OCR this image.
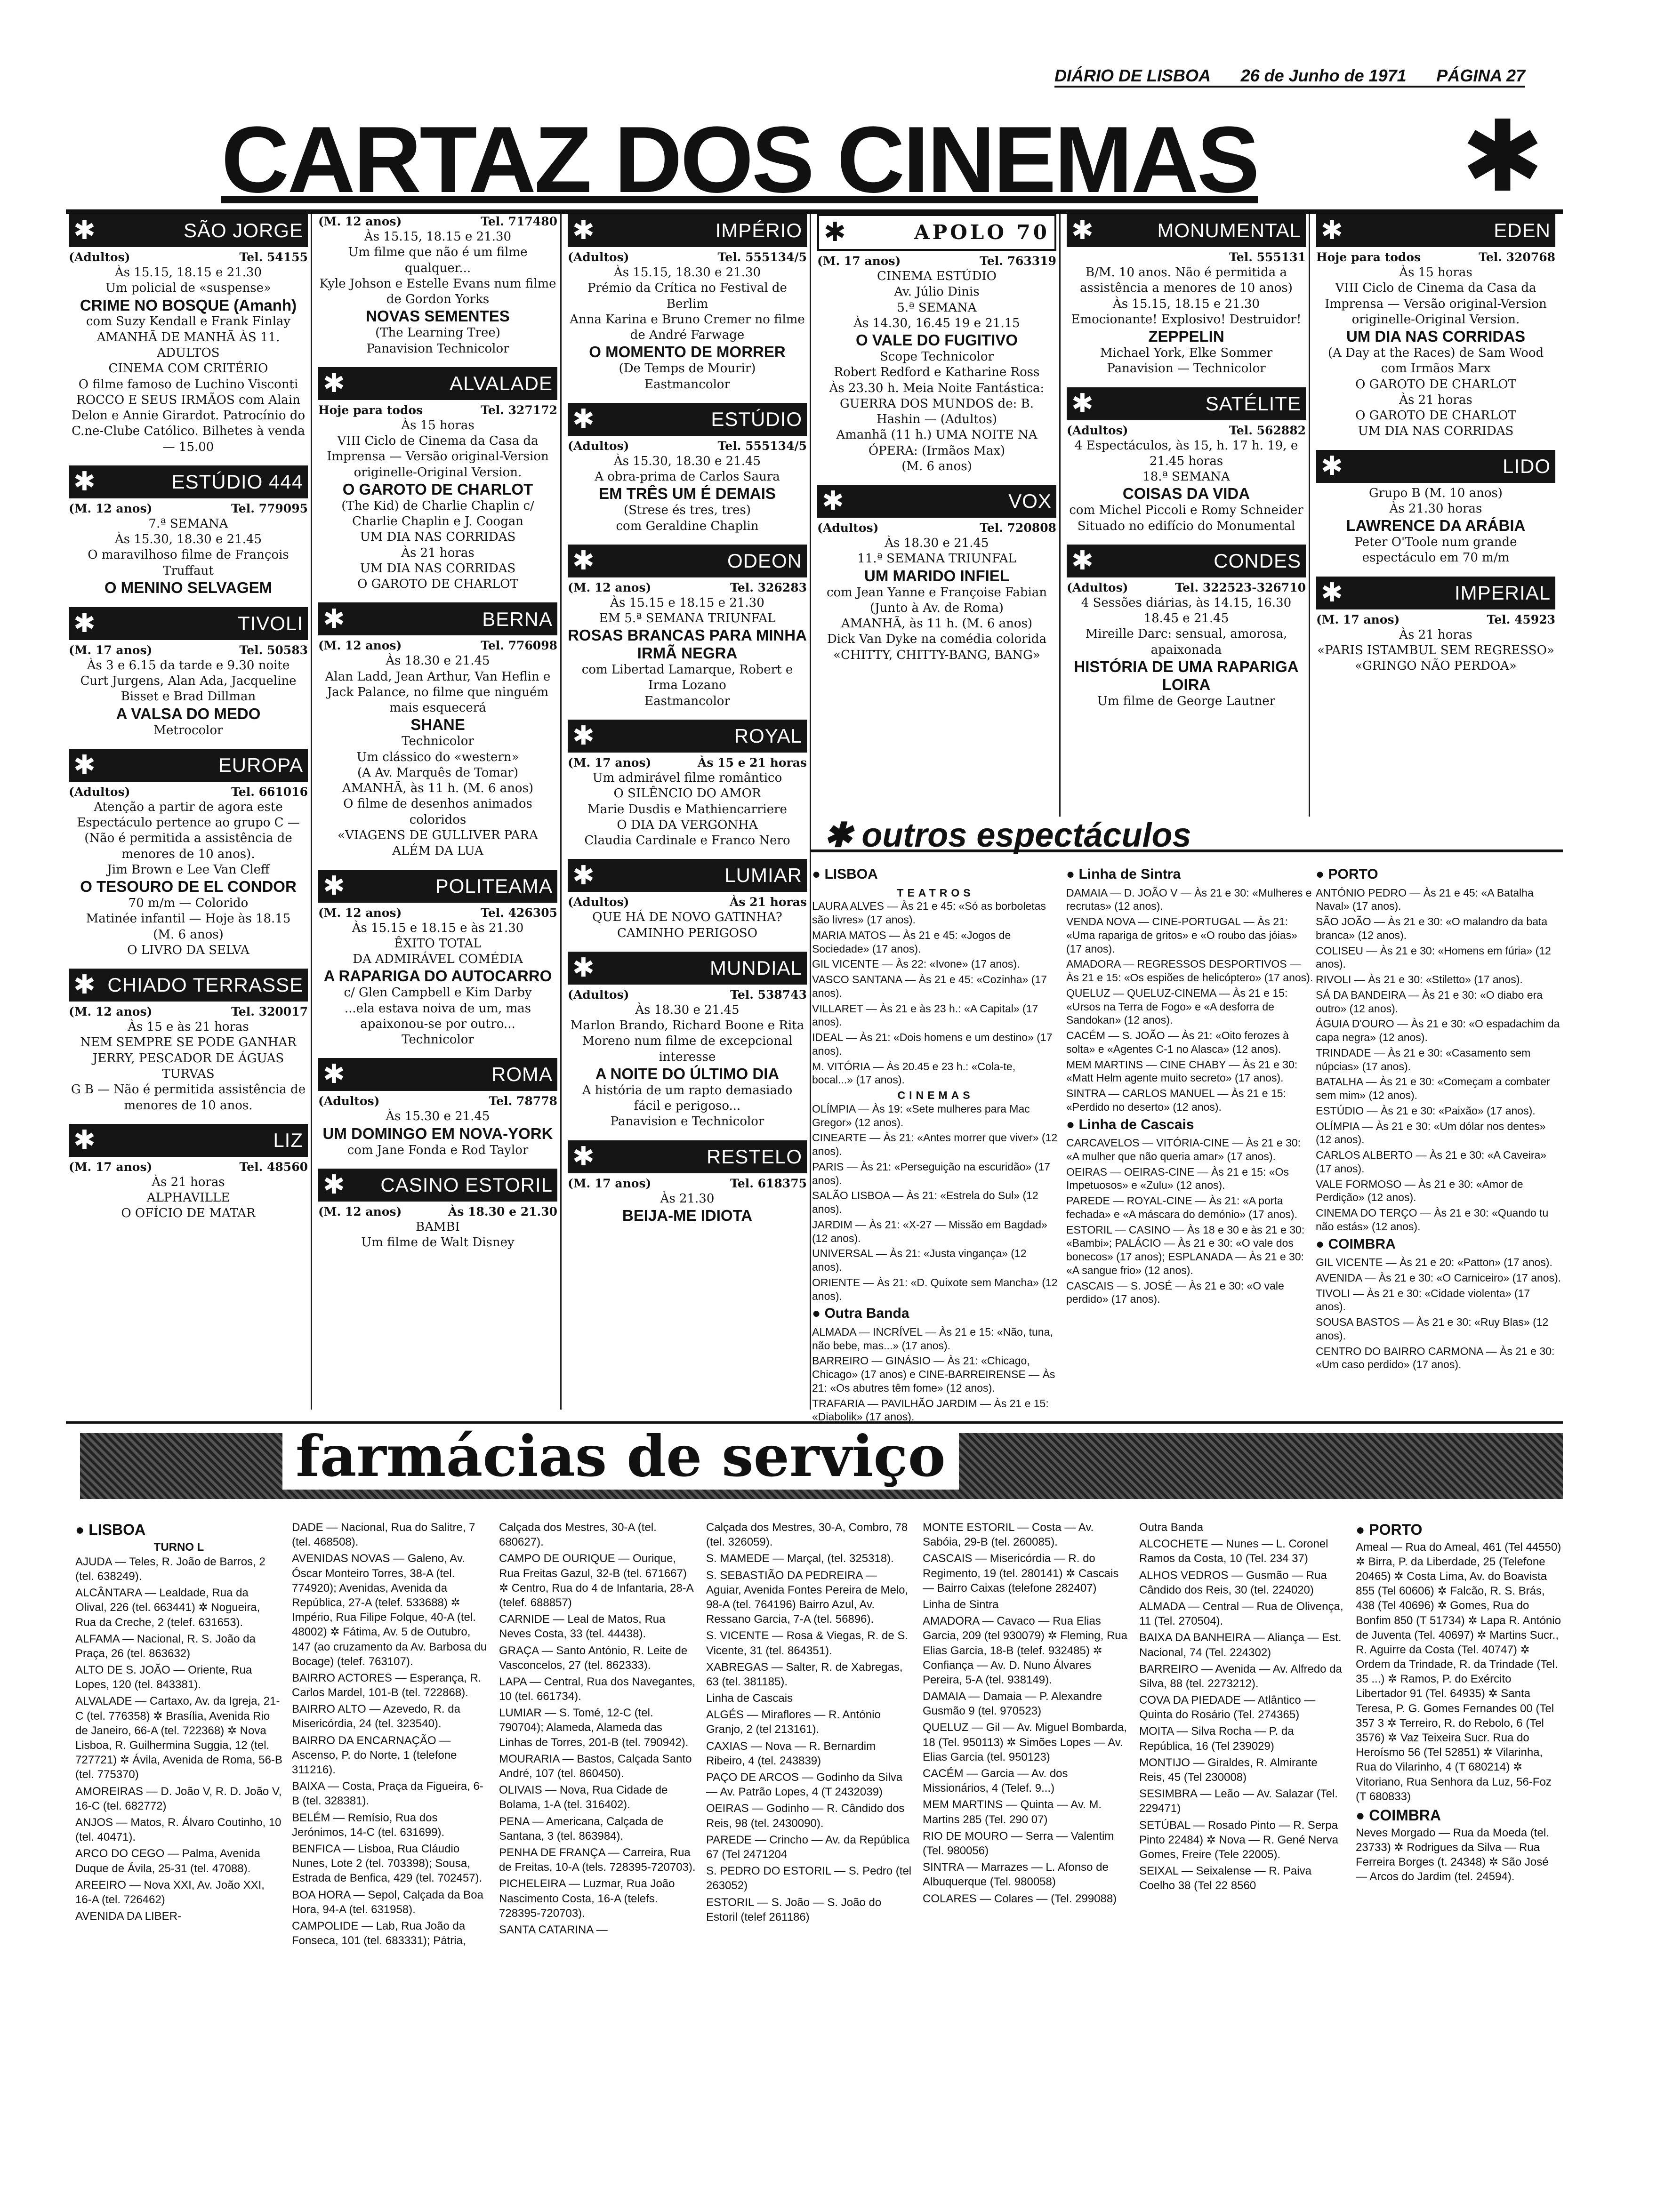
DIÁRIO DE LISBOA 26 de Junho de 1971 PÁGINA 27
CARTAZ DOS CINEMAS ✱
✱	SÃO JORGE
(Adultos)	Tel. 54155
Às 15.15, 18.15 e 21.30
Um policial de «suspense»
CRIME NO BOSQUE (Amanh)
com Suzy Kendall e Frank Finlay
AMANHÃ DE MANHÃ ÀS 11. ADULTOS
CINEMA COM CRITÉRIO
O filme famoso de Luchino Visconti
ROCCO E SEUS IRMÃOS com Alain Delon e Annie Girardot. Patrocínio do C.ne-Clube Católico. Bilhetes à venda — 15.00
✱	ESTÚDIO 444
(M. 12 anos)	Tel. 779095
7.ª SEMANA
Às 15.30, 18.30 e 21.45
O maravilhoso filme de François Truffaut
O MENINO SELVAGEM
✱	TIVOLI
(M. 17 anos)	Tel. 50583
Às 3 e 6.15 da tarde e 9.30 noite
Curt Jurgens, Alan Ada, Jacqueline Bisset e Brad Dillman
A VALSA DO MEDO
Metrocolor
✱	EUROPA
(Adultos)	Tel. 661016
Atenção a partir de agora este Espectáculo pertence ao grupo C — (Não é permitida a assistência de menores de 10 anos).
Jim Brown e Lee Van Cleff
O TESOURO DE EL CONDOR
70 m/m — Colorido
Matinée infantil — Hoje às 18.15
(M. 6 anos)
O LIVRO DA SELVA
✱ CHIADO TERRASSE
(M. 12 anos)	Tel. 320017
Às 15 e às 21 horas
NEM SEMPRE SE PODE GANHAR
JERRY, PESCADOR DE ÁGUAS TURVAS
G B — Não é permitida assistência de menores de 10 anos.
✱	LIZ
(M. 17 anos)	Tel. 48560
Às 21 horas
ALPHAVILLE
O OFÍCIO DE MATAR
(M. 12 anos)	Tel. 717480
Às 15.15, 18.15 e 21.30
Um filme que não é um filme qualquer...
Kyle Johson e Estelle Evans num filme de Gordon Yorks
NOVAS SEMENTES
(The Learning Tree)
Panavision Technicolor
✱	ALVALADE
Hoje para todos	Tel. 327172
Às 15 horas
VIII Ciclo de Cinema da Casa da Imprensa — Versão original-Version originelle-Original Version.
O GAROTO DE CHARLOT
(The Kid) de Charlie Chaplin c/ Charlie Chaplin e J. Coogan
UM DIA NAS CORRIDAS
Às 21 horas
UM DIA NAS CORRIDAS
O GAROTO DE CHARLOT
✱	BERNA
(M. 12 anos)	Tel. 776098
Às 18.30 e 21.45
Alan Ladd, Jean Arthur, Van Heflin e Jack Palance, no filme que ninguém mais esquecerá
SHANE
Technicolor
Um clássico do «western»
(A Av. Marquês de Tomar)
AMANHÃ, às 11 h. (M. 6 anos)
O filme de desenhos animados coloridos
«VIAGENS DE GULLIVER PARA ALÉM DA LUA
✱	POLITEAMA
(M. 12 anos)	Tel. 426305
Às 15.15 e 18.15 e às 21.30
ÊXITO TOTAL
DA ADMIRÁVEL COMÉDIA
A RAPARIGA DO AUTOCARRO
c/ Glen Campbell e Kim Darby
...ela estava noiva de um, mas apaixonou-se por outro...
Technicolor
✱	ROMA
(Adultos)	Tel. 78778
Às 15.30 e 21.45
UM DOMINGO EM NOVA-YORK
com Jane Fonda e Rod Taylor
✱	CASINO ESTORIL
(M. 12 anos)	Às 18.30 e 21.30
BAMBI
Um filme de Walt Disney
✱	IMPÉRIO
(Adultos)	Tel. 555134/5
Às 15.15, 18.30 e 21.30
Prémio da Crítica no Festival de Berlim
Anna Karina e Bruno Cremer no filme de André Farwage
O MOMENTO DE MORRER
(De Temps de Mourir)
Eastmancolor
✱	ESTÚDIO
(Adultos)	Tel. 555134/5
Às 15.30, 18.30 e 21.45
A obra-prima de Carlos Saura
EM TRÊS UM É DEMAIS
(Strese és tres, tres)
com Geraldine Chaplin
✱	ODEON
(M. 12 anos)	Tel. 326283
Às 15.15 e 18.15 e 21.30
EM 5.ª SEMANA TRIUNFAL
ROSAS BRANCAS PARA MINHA IRMÃ NEGRA
com Libertad Lamarque, Robert e Irma Lozano
Eastmancolor
✱	ROYAL
(M. 17 anos)	Às 15 e 21 horas
Um admirável filme romântico
O SILÊNCIO DO AMOR
Marie Dusdis e Mathiencarriere
O DIA DA VERGONHA
Claudia Cardinale e Franco Nero
✱	LUMIAR
(Adultos)	Às 21 horas
QUE HÁ DE NOVO GATINHA?
CAMINHO PERIGOSO
✱	MUNDIAL
(Adultos)	Tel. 538743
Às 18.30 e 21.45
Marlon Brando, Richard Boone e Rita Moreno num filme de excepcional interesse
A NOITE DO ÚLTIMO DIA
A história de um rapto demasiado fácil e perigoso...
Panavision e Technicolor
✱	RESTELO
(M. 17 anos)	Tel. 618375
Às 21.30
BEIJA-ME IDIOTA
✱	APOLO 70
(M. 17 anos)	Tel. 763319
CINEMA ESTÚDIO
Av. Júlio Dinis
5.ª SEMANA
Às 14.30, 16.45 19 e 21.15
O VALE DO FUGITIVO
Scope Technicolor
Robert Redford e Katharine Ross
Às 23.30 h. Meia Noite Fantástica: GUERRA DOS MUNDOS de: B. Hashin — (Adultos)
Amanhã (11 h.) UMA NOITE NA ÓPERA: (Irmãos Max)
(M. 6 anos)
✱	VOX
(Adultos)	Tel. 720808
Às 18.30 e 21.45
11.ª SEMANA TRIUNFAL
UM MARIDO INFIEL
com Jean Yanne e Françoise Fabian
(Junto à Av. de Roma)
AMANHÃ, às 11 h. (M. 6 anos)
Dick Van Dyke na comédia colorida
«CHITTY, CHITTY-BANG, BANG»
✱	MONUMENTAL
Tel. 555131
B/M. 10 anos. Não é permitida a assistência a menores de 10 anos)
Às 15.15, 18.15 e 21.30
Emocionante! Explosivo! Destruidor!
ZEPPELIN
Michael York, Elke Sommer
Panavision — Technicolor
✱	SATÉLITE
(Adultos)	Tel. 562882
4 Espectáculos, às 15, h. 17 h. 19, e 21.45 horas
18.ª SEMANA
COISAS DA VIDA
com Michel Piccoli e Romy Schneider
Situado no edifício do Monumental
✱	CONDES
(Adultos)	Tel. 322523-326710
4 Sessões diárias, às 14.15, 16.30 18.45 e 21.45
Mireille Darc: sensual, amorosa, apaixonada
HISTÓRIA DE UMA RAPARIGA LOIRA
Um filme de George Lautner
✱	EDEN
Hoje para todos	Tel. 320768
Às 15 horas
VIII Ciclo de Cinema da Casa da Imprensa — Versão original-Version originelle-Original Version.
UM DIA NAS CORRIDAS
(A Day at the Races) de Sam Wood com Irmãos Marx
O GAROTO DE CHARLOT
Às 21 horas
O GAROTO DE CHARLOT
UM DIA NAS CORRIDAS
✱	LIDO
Grupo B (M. 10 anos)
Às 21.30 horas
LAWRENCE DA ARÁBIA
Peter O'Toole num grande espectáculo em 70 m/m
✱	IMPERIAL
(M. 17 anos)	Tel. 45923
Às 21 horas
«PARIS ISTAMBUL SEM REGRESSO»
«GRINGO NÃO PERDOA»
✱ outros espectáculos
● LISBOA
TEATROS

LAURA ALVES — Às 21 e 45: «Só as borboletas são livres» (17 anos).

MARIA MATOS — Às 21 e 45: «Jogos de Sociedade» (17 anos).

GIL VICENTE — Às 22: «Ivone» (17 anos).

VASCO SANTANA — Às 21 e 45: «Cozinha» (17 anos).

VILLARET — Às 21 e às 23 h.: «A Capital» (17 anos).

IDEAL — Às 21: «Dois homens e um destino» (17 anos).

M. VITÓRIA — Às 20.45 e 23 h.: «Cola-te, bocal...» (17 anos).

CINEMAS

OLÍMPIA — Às 19: «Sete mulheres para Mac Gregor» (12 anos).

CINEARTE — Às 21: «Antes morrer que viver» (12 anos).

PARIS — Às 21: «Perseguição na escuridão» (17 anos).

SALÃO LISBOA — Às 21: «Estrela do Sul» (12 anos).

JARDIM — Às 21: «X-27 — Missão em Bagdad» (12 anos).

UNIVERSAL — Às 21: «Justa vingança» (12 anos).

ORIENTE — Às 21: «D. Quixote sem Mancha» (12 anos).

● Outra Banda

ALMADA — INCRÍVEL — Às 21 e 15: «Não, tuna, não bebe, mas...» (17 anos).

BARREIRO — GINÁSIO — Às 21: «Chicago, Chicago» (17 anos) e CINE-BARREIRENSE — Às 21: «Os abutres têm fome» (12 anos).

TRAFARIA — PAVILHÃO JARDIM — Às 21 e 15: «Diabolik» (17 anos).

● Linha de Sintra

DAMAIA — D. JOÃO V — Às 21 e 30: «Mulheres e recrutas» (12 anos).

VENDA NOVA — CINE-PORTUGAL — Às 21: «Uma rapariga de gritos» e «O roubo das jóias» (17 anos).

AMADORA — REGRESSOS DESPORTIVOS — Às 21 e 15: «Os espiões de helicóptero» (17 anos).

QUELUZ — QUELUZ-CINEMA — Às 21 e 15: «Ursos na Terra de Fogo» e «A desforra de Sandokan» (12 anos).

CACÉM — S. JOÃO — Às 21: «Oito ferozes à solta» e «Agentes C-1 no Alasca» (12 anos).

MEM MARTINS — CINE CHABY — Às 21 e 30: «Matt Helm agente muito secreto» (17 anos).

SINTRA — CARLOS MANUEL — Às 21 e 15: «Perdido no deserto» (12 anos).

● Linha de Cascais

CARCAVELOS — VITÓRIA-CINE — Às 21 e 30: «A mulher que não queria amar» (17 anos).

OEIRAS — OEIRAS-CINE — Às 21 e 15: «Os Impetuosos» e «Zulu» (12 anos).

PAREDE — ROYAL-CINE — Às 21: «A porta fechada» e «A máscara do demónio» (17 anos).

ESTORIL — CASINO — Às 18 e 30 e às 21 e 30: «Bambi»; PALÁCIO — Às 21 e 30: «O vale dos bonecos» (17 anos); ESPLANADA — Às 21 e 30: «A sangue frio» (12 anos).

CASCAIS — S. JOSÉ — Às 21 e 30: «O vale perdido» (17 anos).

● PORTO

ANTÓNIO PEDRO — Às 21 e 45: «A Batalha Naval» (17 anos).

SÃO JOÃO — Às 21 e 30: «O malandro da bata branca» (12 anos).

COLISEU — Às 21 e 30: «Homens em fúria» (12 anos).

RIVOLI — Às 21 e 30: «Stiletto» (17 anos).

SÁ DA BANDEIRA — Às 21 e 30: «O diabo era outro» (12 anos).

ÁGUIA D'OURO — Às 21 e 30: «O espadachim da capa negra» (12 anos).

TRINDADE — Às 21 e 30: «Casamento sem núpcias» (17 anos).

BATALHA — Às 21 e 30: «Começam a combater sem mim» (12 anos).

ESTÚDIO — Às 21 e 30: «Paixão» (17 anos).

OLÍMPIA — Às 21 e 30: «Um dólar nos dentes» (12 anos).

CARLOS ALBERTO — Às 21 e 30: «A Caveira» (17 anos).

VALE FORMOSO — Às 21 e 30: «Amor de Perdição» (12 anos).

CINEMA DO TERÇO — Às 21 e 30: «Quando tu não estás» (12 anos).

● COIMBRA

GIL VICENTE — Às 21 e 20: «Patton» (17 anos).

AVENIDA — Às 21 e 30: «O Carniceiro» (17 anos).

TIVOLI — Às 21 e 30: «Cidade violenta» (17 anos).

SOUSA BASTOS — Às 21 e 30: «Ruy Blas» (12 anos).

CENTRO DO BAIRRO CARMONA — Às 21 e 30: «Um caso perdido» (17 anos).

farmácias de serviço
● LISBOA
TURNO L

AJUDA — Teles, R. João de Barros, 2 (tel. 638249).

ALCÂNTARA — Lealdade, Rua da Olival, 226 (tel. 663441) ✲ Nogueira, Rua da Creche, 2 (telef. 631653).

ALFAMA — Nacional, R. S. João da Praça, 26 (tel. 863632)

ALTO DE S. JOÃO — Oriente, Rua Lopes, 120 (tel. 843381).

ALVALADE — Cartaxo, Av. da Igreja, 21-C (tel. 776358) ✲ Brasília, Avenida Rio de Janeiro, 66-A (tel. 722368) ✲ Nova Lisboa, R. Guilhermina Suggia, 12 (tel. 727721) ✲ Ávila, Avenida de Roma, 56-B (tel. 775370)

AMOREIRAS — D. João V, R. D. João V, 16-C (tel. 682772)

ANJOS — Matos, R. Álvaro Coutinho, 10 (tel. 40471).

ARCO DO CEGO — Palma, Avenida Duque de Ávila, 25-31 (tel. 47088).

AREEIRO — Nova XXI, Av. João XXI, 16-A (tel. 726462)

AVENIDA DA LIBER-

DADE — Nacional, Rua do Salitre, 7 (tel. 468508).

AVENIDAS NOVAS — Galeno, Av. Óscar Monteiro Torres, 38-A (tel. 774920); Avenidas, Avenida da República, 27-A (telef. 533688) ✲ Império, Rua Filipe Folque, 40-A (tel. 48002) ✲ Fátima, Av. 5 de Outubro, 147 (ao cruzamento da Av. Barbosa du Bocage) (telef. 763107).

BAIRRO ACTORES — Esperança, R. Carlos Mardel, 101-B (tel. 722868).

BAIRRO ALTO — Azevedo, R. da Misericórdia, 24 (tel. 323540).

BAIRRO DA ENCARNAÇÃO — Ascenso, P. do Norte, 1 (telefone 311216).

BAIXA — Costa, Praça da Figueira, 6-B (tel. 328381).

BELÉM — Remísio, Rua dos Jerónimos, 14-C (tel. 631699).

BENFICA — Lisboa, Rua Cláudio Nunes, Lote 2 (tel. 703398); Sousa, Estrada de Benfica, 429 (tel. 702457).

BOA HORA — Sepol, Calçada da Boa Hora, 94-A (tel. 631958).

CAMPOLIDE — Lab, Rua João da Fonseca, 101 (tel. 683331); Pátria,

Calçada dos Mestres, 30-A (tel. 680627).

CAMPO DE OURIQUE — Ourique, Rua Freitas Gazul, 32-B (tel. 671667) ✲ Centro, Rua do 4 de Infantaria, 28-A (telef. 688857)

CARNIDE — Leal de Matos, Rua Neves Costa, 33 (tel. 44438).

GRAÇA — Santo António, R. Leite de Vasconcelos, 27 (tel. 862333).

LAPA — Central, Rua dos Navegantes, 10 (tel. 661734).

LUMIAR — S. Tomé, 12-C (tel. 790704); Alameda, Alameda das Linhas de Torres, 201-B (tel. 790942).

MOURARIA — Bastos, Calçada Santo André, 107 (tel. 860450).

OLIVAIS — Nova, Rua Cidade de Bolama, 1-A (tel. 316402).

PENA — Americana, Calçada de Santana, 3 (tel. 863984).

PENHA DE FRANÇA — Carreira, Rua de Freitas, 10-A (tels. 728395-720703).

PICHELEIRA — Luzmar, Rua João Nascimento Costa, 16-A (telefs. 728395-720703).

SANTA CATARINA —

Calçada dos Mestres, 30-A, Combro, 78 (tel. 326059).

S. MAMEDE — Marçal, (tel. 325318).

S. SEBASTIÃO DA PEDREIRA — Aguiar, Avenida Fontes Pereira de Melo, 98-A (tel. 764196) Bairro Azul, Av. Ressano Garcia, 7-A (tel. 56896).

S. VICENTE — Rosa & Viegas, R. de S. Vicente, 31 (tel. 864351).

XABREGAS — Salter, R. de Xabregas, 63 (tel. 381185).

Linha de Cascais

ALGÉS — Miraflores — R. António Granjo, 2 (tel 213161).

CAXIAS — Nova — R. Bernardim Ribeiro, 4 (tel. 243839)

PAÇO DE ARCOS — Godinho da Silva — Av. Patrão Lopes, 4 (T 2432039)

OEIRAS — Godinho — R. Cândido dos Reis, 98 (tel. 2430090).

PAREDE — Crincho — Av. da República 67 (Tel 2471204

S. PEDRO DO ESTORIL — S. Pedro (tel 263052)

ESTORIL — S. João — S. João do Estoril (telef 261186)

MONTE ESTORIL — Costa — Av. Sabóia, 29-B (tel. 260085).

CASCAIS — Misericórdia — R. do Regimento, 19 (tel. 280141) ✲ Cascais — Bairro Caixas (telefone 282407)

Linha de Sintra

AMADORA — Cavaco — Rua Elias Garcia, 209 (tel 930079) ✲ Fleming, Rua Elias Garcia, 18-B (telef. 932485) ✲ Confiança — Av. D. Nuno Álvares Pereira, 5-A (tel. 938149).

DAMAIA — Damaia — P. Alexandre Gusmão 9 (tel. 970523)

QUELUZ — Gil — Av. Miguel Bombarda, 18 (Tel. 950113) ✲ Simões Lopes — Av. Elias Garcia (tel. 950123)

CACÉM — Garcia — Av. dos Missionários, 4 (Telef. 9...)

MEM MARTINS — Quinta — Av. M. Martins 285 (Tel. 290 07)

RIO DE MOURO — Serra — Valentim (Tel. 980056)

SINTRA — Marrazes — L. Afonso de Albuquerque (Tel. 980058)

COLARES — Colares — (Tel. 299088)

Outra Banda

ALCOCHETE — Nunes — L. Coronel Ramos da Costa, 10 (Tel. 234 37)

ALHOS VEDROS — Gusmão — Rua Cândido dos Reis, 30 (tel. 224020)

ALMADA — Central — Rua de Olivença, 11 (Tel. 270504).

BAIXA DA BANHEIRA — Aliança — Est. Nacional, 74 (Tel. 224302)

BARREIRO — Avenida — Av. Alfredo da Silva, 88 (tel. 2273212).

COVA DA PIEDADE — Atlântico — Quinta do Rosário (Tel. 274365)

MOITA — Silva Rocha — P. da República, 16 (Tel 239029)

MONTIJO — Giraldes, R. Almirante Reis, 45 (Tel 230008)

SESIMBRA — Leão — Av. Salazar (Tel. 229471)

SETÚBAL — Rosado Pinto — R. Serpa Pinto 22484) ✲ Nova — R. Gené Nerva Gomes, Freire (Tele 22005).

SEIXAL — Seixalense — R. Paiva Coelho 38 (Tel 22 8560

● PORTO

Ameal — Rua do Ameal, 461 (Tel 44550) ✲ Birra, P. da Liberdade, 25 (Telefone 20465) ✲ Costa Lima, Av. do Boavista 855 (Tel 60606) ✲ Falcão, R. S. Brás, 438 (Tel 40696) ✲ Gomes, Rua do Bonfim 850 (T 51734) ✲ Lapa R. António de Juventa (Tel. 40697) ✲ Martins Sucr., R. Aguirre da Costa (Tel. 40747) ✲ Ordem da Trindade, R. da Trindade (Tel. 35 ...) ✲ Ramos, P. do Exército Libertador 91 (Tel. 64935) ✲ Santa Teresa, P. G. Gomes Fernandes 00 (Tel 357 3 ✲ Terreiro, R. do Rebolo, 6 (Tel 3576) ✲ Vaz Teixeira Sucr. Rua do Heroísmo 56 (Tel 52851) ✲ Vilarinha, Rua do Vilarinho, 4 (T 680214) ✲ Vitoriano, Rua Senhora da Luz, 56-Foz (T 680833)

● COIMBRA

Neves Morgado — Rua da Moeda (tel. 23733) ✲ Rodrigues da Silva — Rua Ferreira Borges (t. 24348) ✲ São José — Arcos do Jardim (tel. 24594).
